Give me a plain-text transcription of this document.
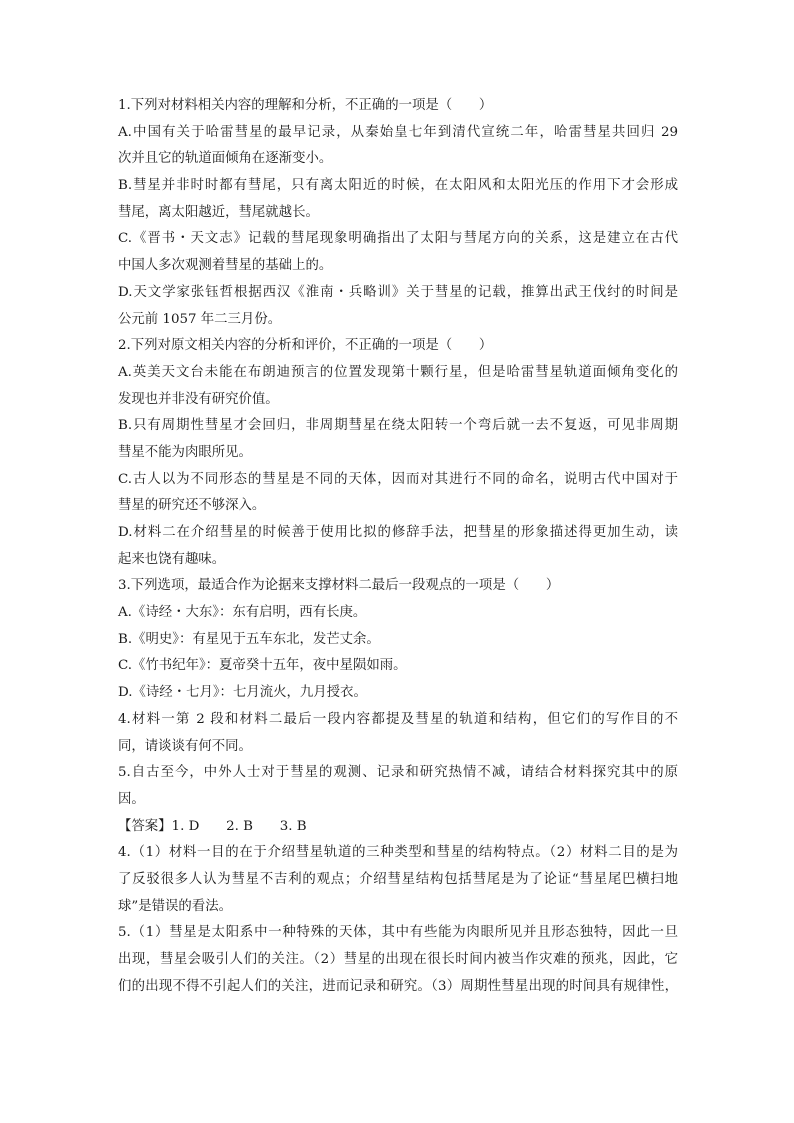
1.下列对材料相关内容的理解和分析，不正确的一项是（　　）
A.中国有关于哈雷彗星的最早记录，从秦始皇七年到清代宣统二年，哈雷彗星共回归 29
次并且它的轨道面倾角在逐渐变小。
B.彗星并非时时都有彗尾，只有离太阳近的时候，在太阳风和太阳光压的作用下才会形成
彗尾，离太阳越近，彗尾就越长。
C.《晋书・天文志》记载的彗尾现象明确指出了太阳与彗尾方向的关系，这是建立在古代
中国人多次观测着彗星的基础上的。
D.天文学家张钰哲根据西汉《淮南・兵略训》关于彗星的记载，推算出武王伐纣的时间是
公元前 1057 年二三月份。
2.下列对原文相关内容的分析和评价，不正确的一项是（　　）
A.英美天文台未能在布朗迪预言的位置发现第十颗行星，但是哈雷彗星轨道面倾角变化的
发现也并非没有研究价值。
B.只有周期性彗星才会回归，非周期彗星在绕太阳转一个弯后就一去不复返，可见非周期
彗星不能为肉眼所见。
C.古人以为不同形态的彗星是不同的天体，因而对其进行不同的命名，说明古代中国对于
彗星的研究还不够深入。
D.材料二在介绍彗星的时候善于使用比拟的修辞手法，把彗星的形象描述得更加生动，读
起来也饶有趣味。
3.下列选项，最适合作为论据来支撑材料二最后一段观点的一项是（　　）
A.《诗经・大东》：东有启明，西有长庚。
B.《明史》：有星见于五车东北，发芒丈余。
C.《竹书纪年》：夏帝癸十五年，夜中星陨如雨。
D.《诗经・七月》：七月流火，九月授衣。
4.材料一第 2 段和材料二最后一段内容都提及彗星的轨道和结构，但它们的写作目的不
同，请谈谈有何不同。
5.自古至今，中外人士对于彗星的观测、记录和研究热情不减，请结合材料探究其中的原
因。
【答案】1. D　　2. B　　3. B
4.（1）材料一目的在于介绍彗星轨道的三种类型和彗星的结构特点。（2）材料二目的是为
了反驳很多人认为彗星不吉利的观点；介绍彗星结构包括彗尾是为了论证“彗星尾巴横扫地
球”是错误的看法。
5.（1）彗星是太阳系中一种特殊的天体，其中有些能为肉眼所见并且形态独特，因此一旦
出现，彗星会吸引人们的关注。（2）彗星的出现在很长时间内被当作灾难的预兆，因此，它
们的出现不得不引起人们的关注，进而记录和研究。（3）周期性彗星出现的时间具有规律性，
